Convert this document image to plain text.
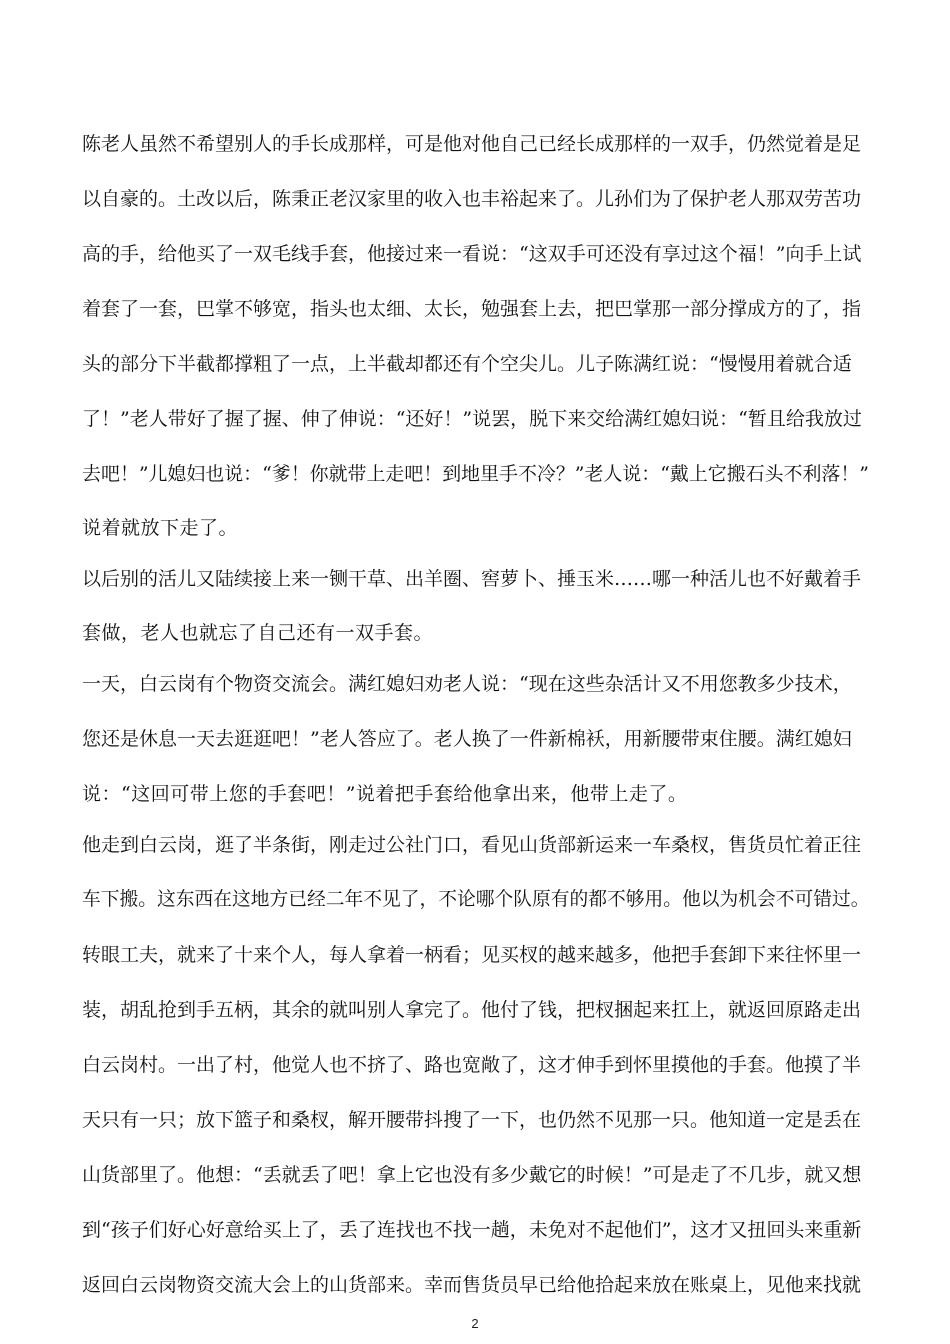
陈老人虽然不希望别人的手长成那样，可是他对他自己已经长成那样的一双手，仍然觉着是足
以自豪的。土改以后，陈秉正老汉家里的收入也丰裕起来了。儿孙们为了保护老人那双劳苦功
高的手，给他买了一双毛线手套，他接过来一看说：“这双手可还没有享过这个福！”向手上试
着套了一套，巴掌不够宽，指头也太细、太长，勉强套上去，把巴掌那一部分撑成方的了，指
头的部分下半截都撑粗了一点，上半截却都还有个空尖儿。儿子陈满红说：“慢慢用着就合适
了！”老人带好了握了握、伸了伸说：“还好！”说罢，脱下来交给满红媳妇说：“暂且给我放过
去吧！”儿媳妇也说：“爹！你就带上走吧！到地里手不冷？”老人说：“戴上它搬石头不利落！”
说着就放下走了。
以后别的活儿又陆续接上来一铡干草、出羊圈、窖萝卜、捶玉米……哪一种活儿也不好戴着手
套做，老人也就忘了自己还有一双手套。
一天，白云岗有个物资交流会。满红媳妇劝老人说：“现在这些杂活计又不用您教多少技术，
您还是休息一天去逛逛吧！”老人答应了。老人换了一件新棉袄，用新腰带束住腰。满红媳妇
说：“这回可带上您的手套吧！”说着把手套给他拿出来，他带上走了。
他走到白云岗，逛了半条街，刚走过公社门口，看见山货部新运来一车桑杈，售货员忙着正往
车下搬。这东西在这地方已经二年不见了，不论哪个队原有的都不够用。他以为机会不可错过。
转眼工夫，就来了十来个人，每人拿着一柄看；见买杈的越来越多，他把手套卸下来往怀里一
装，胡乱抢到手五柄，其余的就叫别人拿完了。他付了钱，把杈捆起来扛上，就返回原路走出
白云岗村。一出了村，他觉人也不挤了、路也宽敞了，这才伸手到怀里摸他的手套。他摸了半
天只有一只；放下篮子和桑杈，解开腰带抖搜了一下，也仍然不见那一只。他知道一定是丢在
山货部里了。他想：“丢就丢了吧！拿上它也没有多少戴它的时候！”可是走了不几步，就又想
到“孩子们好心好意给买上了，丢了连找也不找一趟，未免对不起他们”，这才又扭回头来重新
返回白云岗物资交流大会上的山货部来。幸而售货员早已给他拾起来放在账桌上，见他来找就
2
